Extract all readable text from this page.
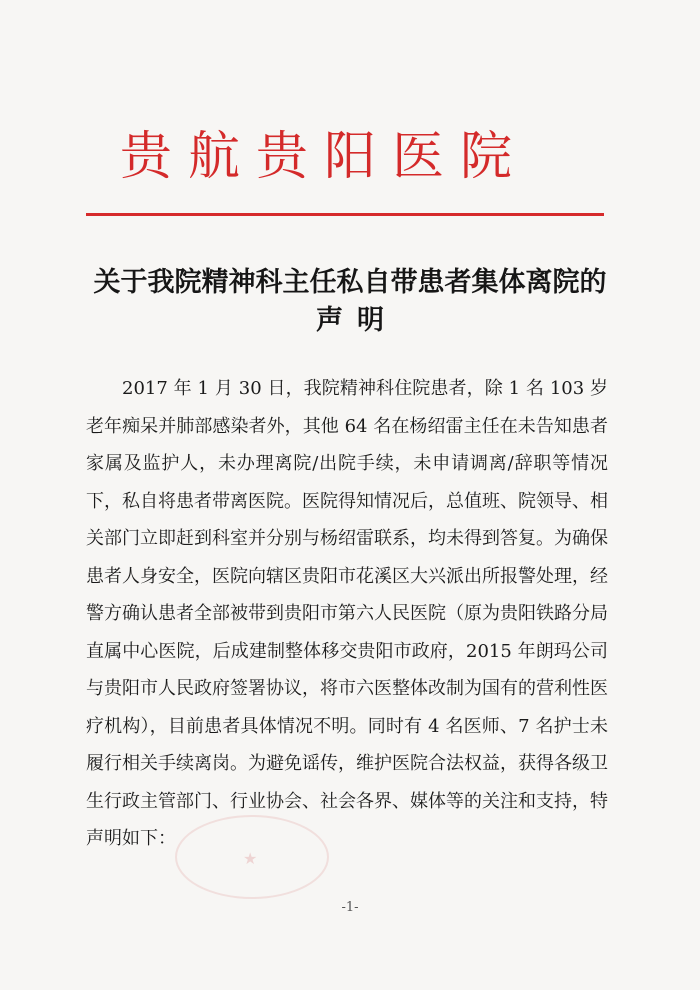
贵航贵阳医院
关于我院精神科主任私自带患者集体离院的
声明

2017 年 1 月 30 日，我院精神科住院患者，除 1 名 103 岁老年痴呆并肺部感染者外，其他 64 名在杨绍雷主任在未告知患者家属及监护人，未办理离院/出院手续，未申请调离/辞职等情况下，私自将患者带离医院。医院得知情况后，总值班、院领导、相关部门立即赶到科室并分别与杨绍雷联系，均未得到答复。为确保患者人身安全，医院向辖区贵阳市花溪区大兴派出所报警处理，经警方确认患者全部被带到贵阳市第六人民医院（原为贵阳铁路分局直属中心医院，后成建制整体移交贵阳市政府，2015 年朗玛公司与贵阳市人民政府签署协议，将市六医整体改制为国有的营利性医疗机构），目前患者具体情况不明。同时有 4 名医师、7 名护士未履行相关手续离岗。为避免谣传，维护医院合法权益，获得各级卫生行政主管部门、行业协会、社会各界、媒体等的关注和支持，特声明如下：

★
-1-
